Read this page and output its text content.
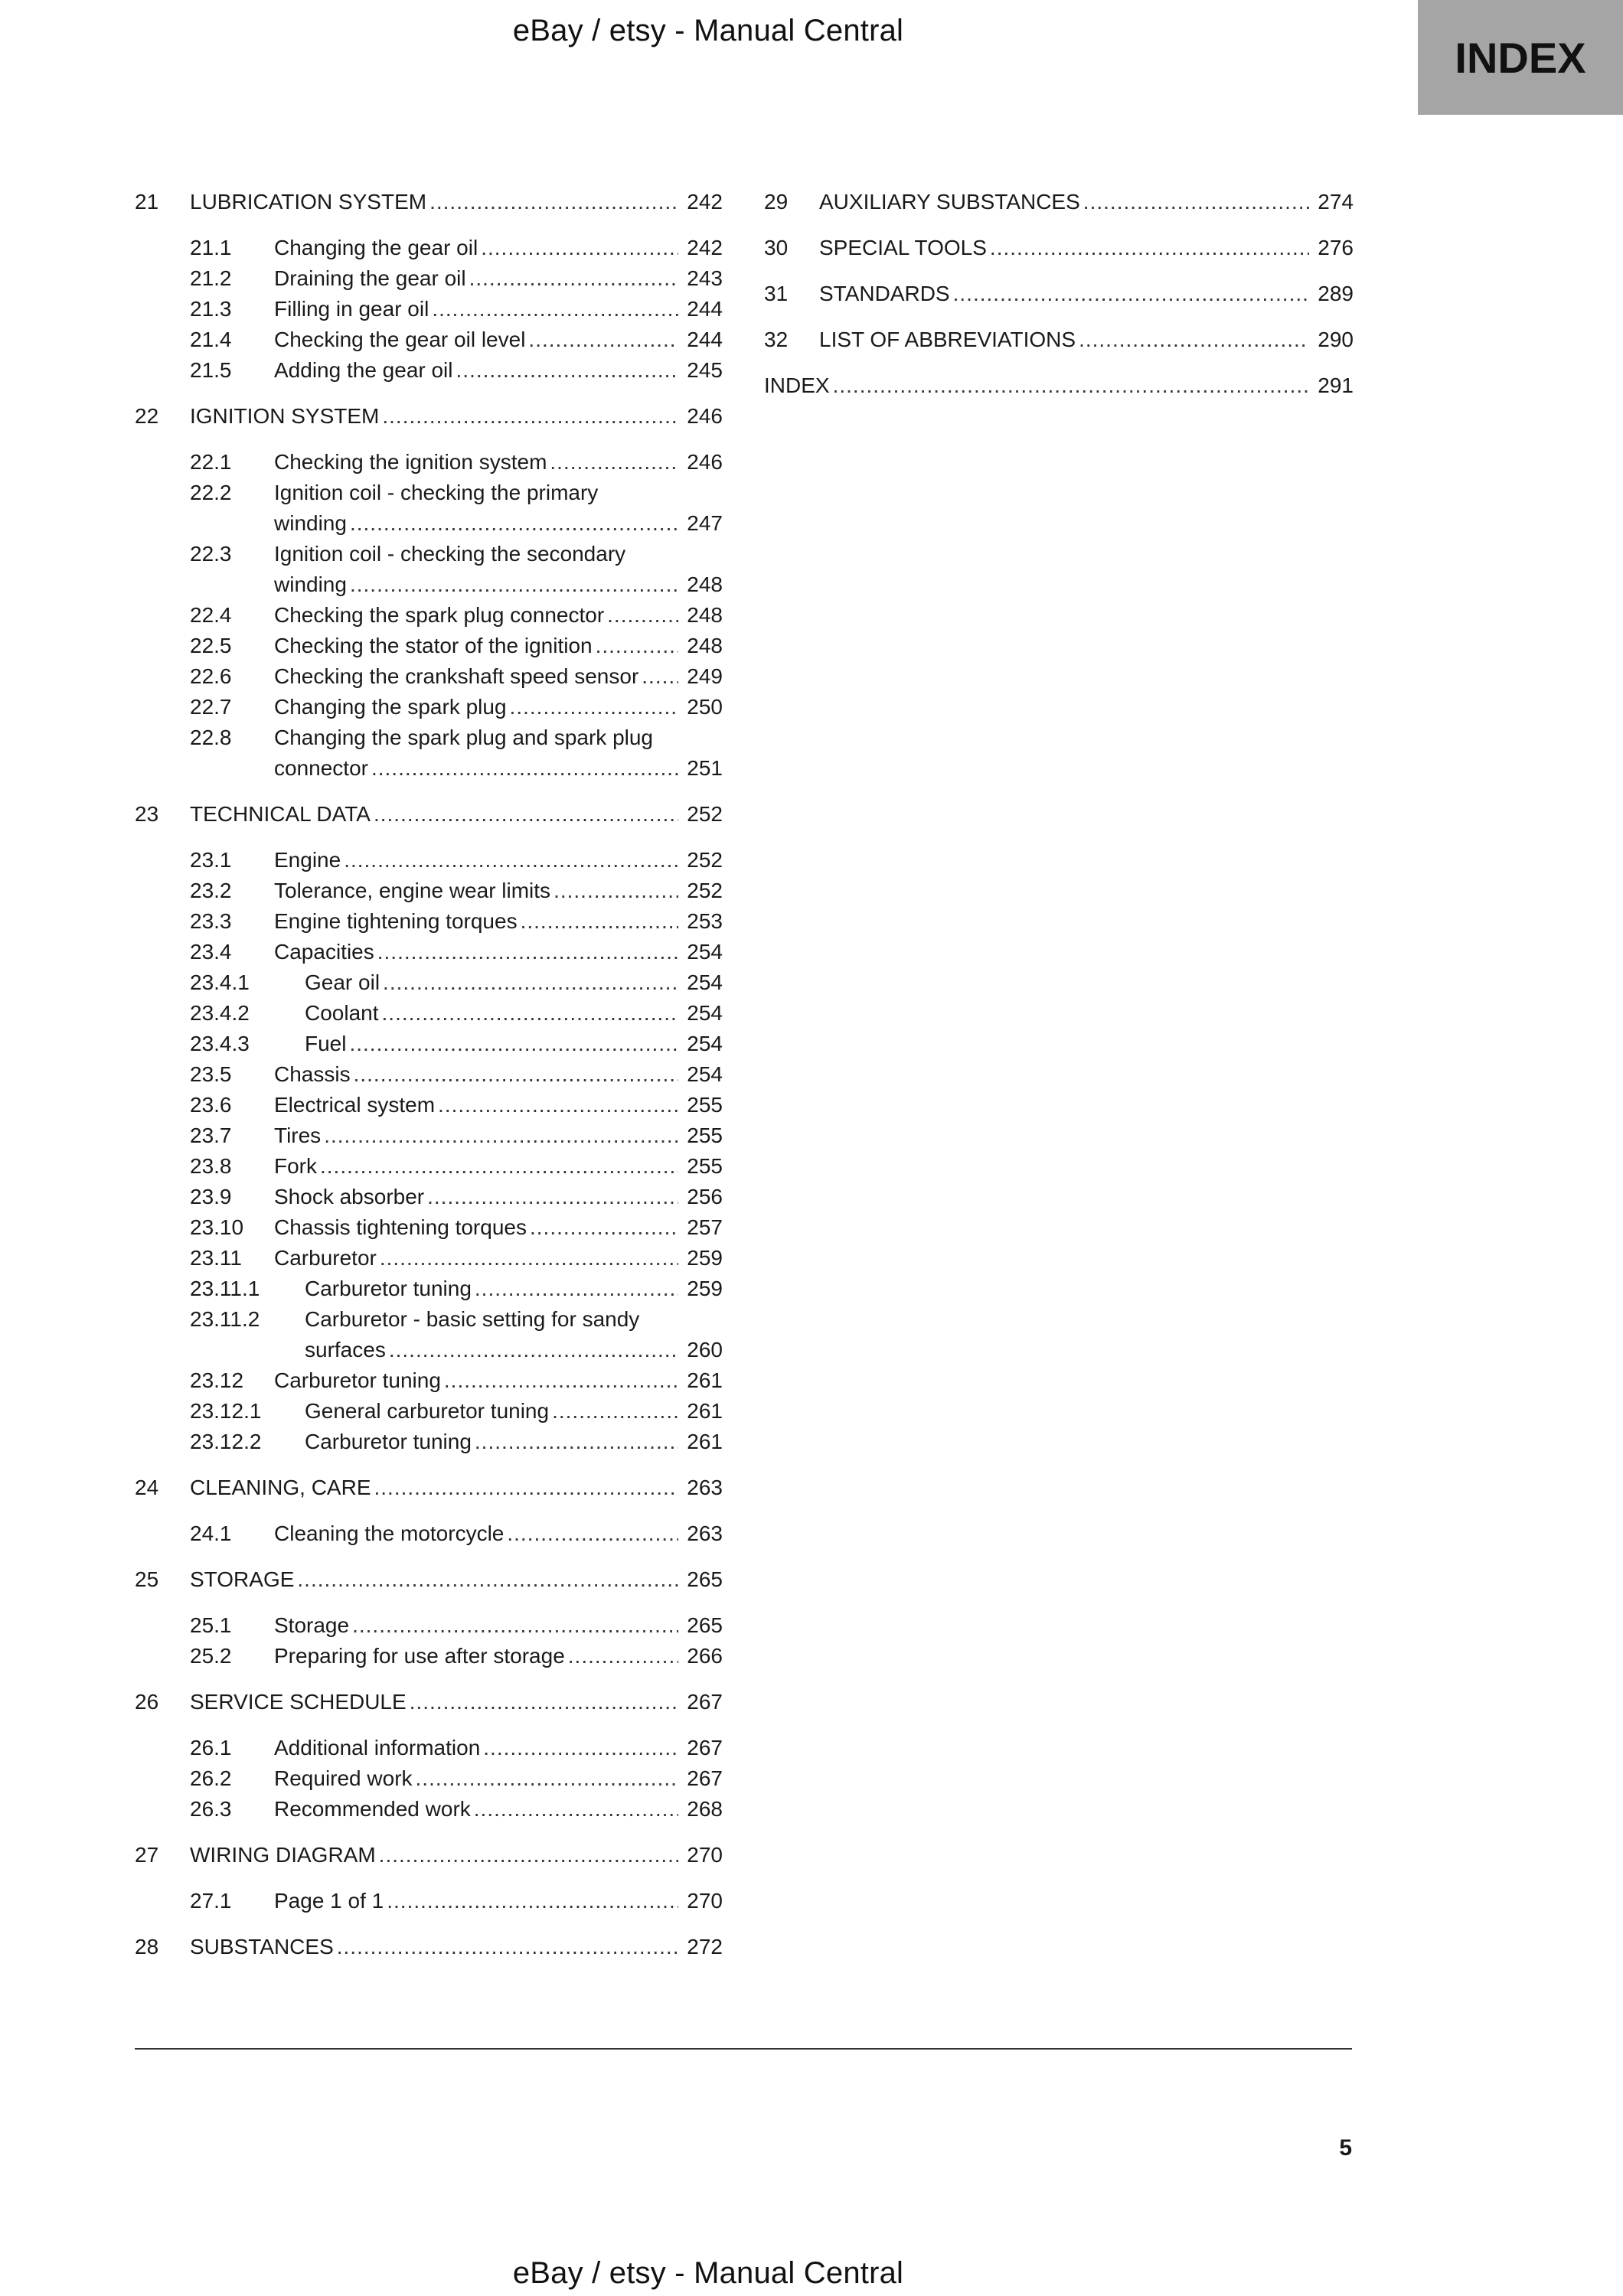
eBay / etsy - Manual Central
INDEX
21	LUBRICATION SYSTEM .....	242
21.1	Changing the gear oil .....	242
21.2	Draining the gear oil .....	243
21.3	Filling in gear oil .....	244
21.4	Checking the gear oil level .....	244
21.5	Adding the gear oil .....	245
22	IGNITION SYSTEM .....	246
22.1	Checking the ignition system .....	246
22.2	Ignition coil - checking the primary
winding .....	247
22.3	Ignition coil - checking the secondary
winding .....	248
22.4	Checking the spark plug connector .....	248
22.5	Checking the stator of the ignition .....	248
22.6	Checking the crankshaft speed sensor ..... 249
22.7	Changing the spark plug .....	250
22.8	Changing the spark plug and spark plug
connector .....	251
23	TECHNICAL DATA .....	252
23.1	Engine .....	252
23.2	Tolerance, engine wear limits .....	252
23.3	Engine tightening torques .....	253
23.4	Capacities .....	254
23.4.1	Gear oil .....	254
23.4.2	Coolant .....	254
23.4.3	Fuel .....	254
23.5	Chassis .....	254
23.6	Electrical system .....	255
23.7	Tires .....	255
23.8	Fork .....	255
23.9	Shock absorber .....	256
23.10	Chassis tightening torques .....	257
23.11	Carburetor .....	259
23.11.1	Carburetor tuning .....	259
23.11.2	Carburetor - basic setting for sandy
surfaces .....	260
23.12	Carburetor tuning .....	261
23.12.1	General carburetor tuning .....	261
23.12.2	Carburetor tuning .....	261
24	CLEANING, CARE .....	263
24.1	Cleaning the motorcycle .....	263
25	STORAGE .....	265
25.1	Storage .....	265
25.2	Preparing for use after storage .....	266
26	SERVICE SCHEDULE .....	267
26.1	Additional information .....	267
26.2	Required work .....	267
26.3	Recommended work .....	268
27	WIRING DIAGRAM .....	270
27.1	Page 1 of 1 .....	270
28	SUBSTANCES .....	272
29	AUXILIARY SUBSTANCES .....	274
30	SPECIAL TOOLS .....	276
31	STANDARDS .....	289
32	LIST OF ABBREVIATIONS .....	290
INDEX .....	291
5
eBay / etsy - Manual Central
